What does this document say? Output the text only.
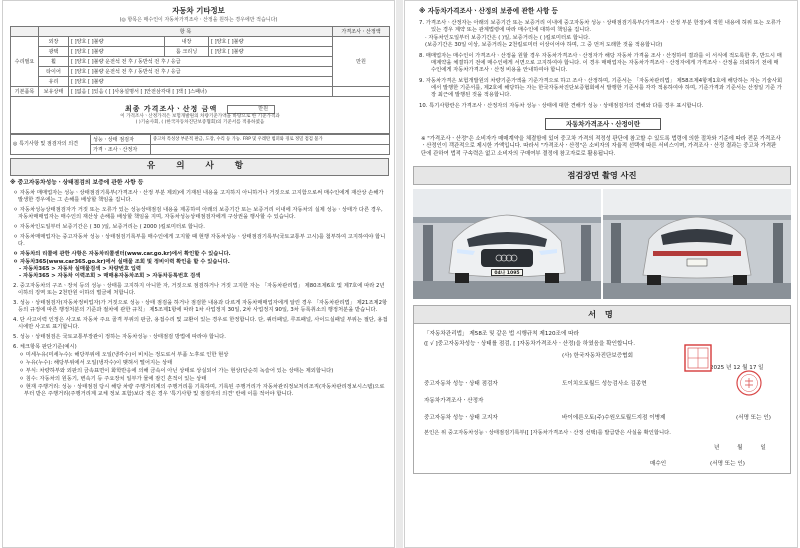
자동차 기타정보
(◎ 항목은 매수인이 자동차가격조사ㆍ산정을 원하는 경우에만 적습니다)
	항 목				가격조사ㆍ산정액
수리필요	외장	[ ]양호 [ ]불량	내장	[ ]양호 [ ]불량	만원
	광택	[ ]양호 [ ]불량	룸 크리닝	[ ]양호 [ ]불량	
	휠	[ ]양호 [ ]불량 운전석 전 후 / 동반석 전 후 / 응급			
	타이어	[ ]양호 [ ]불량 운전석 전 후 / 동반석 전 후 / 응급			
	유리	[ ]양호 [ ]불량			
기본품목	보유상태	[ ]없음 [ ]있음 ( [ ]사용설명서 [ ]안전삼각대 [ ]잭 [ ]스패너)			

최종 가격조사ㆍ산정 금액 만원
이 가격조사ㆍ산정가격은 보험개발원의 차량기준가액을 바탕으로 한 기준가격과
( )기술사회, ( )한국자동차진단보증협회)의 기준서를 적용하였음					
◎ 특기사항 및 점검자의 의견	성능ㆍ상태 점검자	중고차 특성상 부분적 판금, 도장, 수리 등 가능. FRP 및 우레탄 범퍼와 경로 정밀 점검 불가
	가격ㆍ조사ㆍ산정자	
유 의 사 항
※ 중고자동차성능ㆍ상태점검의 보증에 관한 사항 등
ㅇ 자동차 매매업자는 성능ㆍ상태점검기록부(가격조사ㆍ산정 부분 제외)에 기재된 내용을 고지하지 아니하거나 거짓으로 고지함으로써 매수인에게 재산상 손해가 발생한 경우에는 그 손해를 배상할 책임을 집니다.
ㅇ 자동차성능상태점검자가 거짓 또는 오류가 있는 성능상태점검 내용을 제공하여 아래의 보증기간 또는 보증거리 이내에 자동차의 실제 성능ㆍ상태가 다른 경우, 자동차매매업자는 매수인의 재산상 손해를 배상할 책임을 지며, 자동차성능상태점검자에게 구상권을 행사할 수 있습니다.
ㅇ 자동차인도일부터 보증기간은 ( 30 )일, 보증거리는 ( 2000 )킬로미터로 합니다.
ㅇ 자동차매매업자는 중고자동차 성능ㆍ상태점검기록부를 매수인에게 고지할 때 현행 자동차성능ㆍ상태점검기록부(국토교통부 고시)를 첨부하여 고지하여야 합니다.
ㅇ 자동차의 리콜에 관한 사항은 자동차리콜센터(www.car.go.kr)에서 확인할 수 있습니다.
ㅇ 자동차365(www.car365.go.kr)에서 실매물 조회 및 정비이력 확인을 할 수 있습니다.
- 자동차365 > 자동차 실매물검색 > 차량번호 입력
- 자동차365 > 자동차 이력조회 > 매매용자동차조회 > 자동차등록번호 검색
2. 중고자동차의 구조ㆍ장치 등의 성능ㆍ상태를 고지하지 아니한 자, 거짓으로 점검하거나 거짓 고지한 자는 「자동차관리법」 제80조제6호 및 제7호에 따라 2년 이하의 징역 또는 2천만원 이하의 벌금에 처합니다.
3. 성능ㆍ상태점검자(자동차정비업자)가 거짓으로 성능ㆍ상태 점검을 하거나 점검한 내용과 다르게 자동차매매업자에게 알린 경우 「자동차관리법」 제21조제2항 등의 규정에 따른 행정처분의 기준과 절차에 관한 규칙」 제5조제1항에 따라 1차 사업정지 30일, 2차 사업정지 90일, 3차 등록취소의 행정처분을 받습니다.
4. 단 사고이력 인정은 사고로 자동차 주요 골격 부위의 판금, 용접수리 및 교환이 있는 경우로 한정합니다. 단, 쿼터패널, 루프패널, 사이드실패널 부위는 절단, 용접 시에만 사고로 표기합니다.
5. 성능ㆍ상태점검은 국토교통부장관이 정하는 자동차성능ㆍ상태점검 방법에 따라야 합니다.
6. 체크항목 판단기준(예시)
ㅇ 미세누유(미세누수): 해당부위에 오일(냉각수)이 비치는 정도로서 부품 노후로 인한 현상
ㅇ 누유(누수): 해당부위에서 오일(냉각수)이 맺혀서 떨어지는 상태
ㅇ 부식: 차량하부와 외판의 금속표면이 화학반응에 의해 금속이 아닌 상태로 상실되어 가는 현상(단순히 녹슬어 있는 상태는 제외합니다)
ㅇ 침수: 자동차의 원동기, 변속기 등 주요장치 일부가 물에 잠긴 흔적이 있는 상태
ㅇ 현재 주행거리: 성능ㆍ상태점검 당시 해당 차량 주행거리계의 주행거리를 기록하며, 기록된 주행거리가 자동차관리정보처리조직(자동차관리정보시스템)으로부터 받은 주행거리(주행거리계 교체 정보 포함)보다 적은 경우 '특기사항 및 점검자의 의견' 란에 이를 적어야 합니다.
※ 자동차가격조사ㆍ산정의 보증에 관한 사항 등
7. 가격조사ㆍ산정자는 아래의 보증기간 또는 보증거리 이내에 중고자동차 성능ㆍ상태점검기록부(가격조사ㆍ산정 부분 한정)에 적힌 내용에 허위 또는 오류가 있는 경우 계약 또는 관계법령에 따라 매수인에 대하여 책임을 집니다.
· 자동차인도일부터 보증기간은 ( )일, 보증거리는 ( )킬로미터로 합니다.
(보증기간은 30일 이상, 보증거리는 2천킬로미터 이상이어야 하며, 그 중 먼저 도래한 것을 적용합니다)
8. 매매업자는 매수인이 가격조사ㆍ산정을 원할 경우 자동차가격조사ㆍ산정자가 해당 자동차 가격을 조사ㆍ산정하여 결과를 이 서식에 적도록한 후, 반드시 매매계약을 체결하기 전에 매수인에게 서면으로 고지하여야 합니다. 이 경우 매매업자는 자동차가격조사ㆍ산정자에게 가격조사ㆍ산정을 의뢰하기 전에 매수인에게 자동차가격조사ㆍ산정 비용을 안내하여야 합니다.
9. 자동차가격은 보험개발원의 차량기준가액을 기준가격으로 하고 조사ㆍ산정하며, 기준서는 「자동차관리법」 제58조제4항제1호에 해당하는 자는 기술사회에서 발행한 기준서를, 제2호에 해당하는 자는 한국자동차진단보증협회에서 발행한 기준서를 각각 적용하여야 하며, 기준가격과 기준서는 산정일 기준 가장 최근에 발행된 것을 적용합니다.
10. 특기사항란은 가격조사ㆍ산정자의 자동차 성능ㆍ상태에 대한 견해가 성능ㆍ상태점검자의 견해와 다를 경우 표시합니다.
자동차가격조사ㆍ산정이란
※ "가격조사ㆍ산정"은 소비자가 매매계약을 체결함에 있어 중고차 가격의 적정성 판단에 참고할 수 있도록 법령에 의한 절차와 기준에 따라 전문 가격조사ㆍ산정인이 객관적으로 제시한 가액입니다. 따라서 "가격조사ㆍ산정"은 소비자의 자율적 선택에 따른 서비스이며, 가격조사ㆍ산정 결과는 중고차 가격판단에 관하여 법적 구속력은 없고 소비자의 구매여부 결정에 참고자료로 활용됩니다.
점검장면 촬영 사진
04나 1095
서 명
「자동차관리법」 제58조 및 같은 법 시행규칙 제120조에 따라
([ √ ]중고자동차성능ㆍ상태를 점검, [ ]자동차가격조사ㆍ산정)을 하였음을 확인합니다.
(사) 한국자동차진단보증협회
2025 년 12 월 17 일
중고자동차 성능ㆍ상태 점검자	도이치오토월드 성능검사소 김종현
자동차가격조사ㆍ산정자
중고자동차 성능ㆍ상태 고지자	바이에른오토(주)수원오토월드지점 이병제	(서명 또는 인)
본인은 위 중고자동차성능ㆍ상태점검기록부([ ]자동차가격조사ㆍ산정 선택)를 발급받은 사실을 확인합니다.
년 월 일
매수인	(서명 또는 인)
